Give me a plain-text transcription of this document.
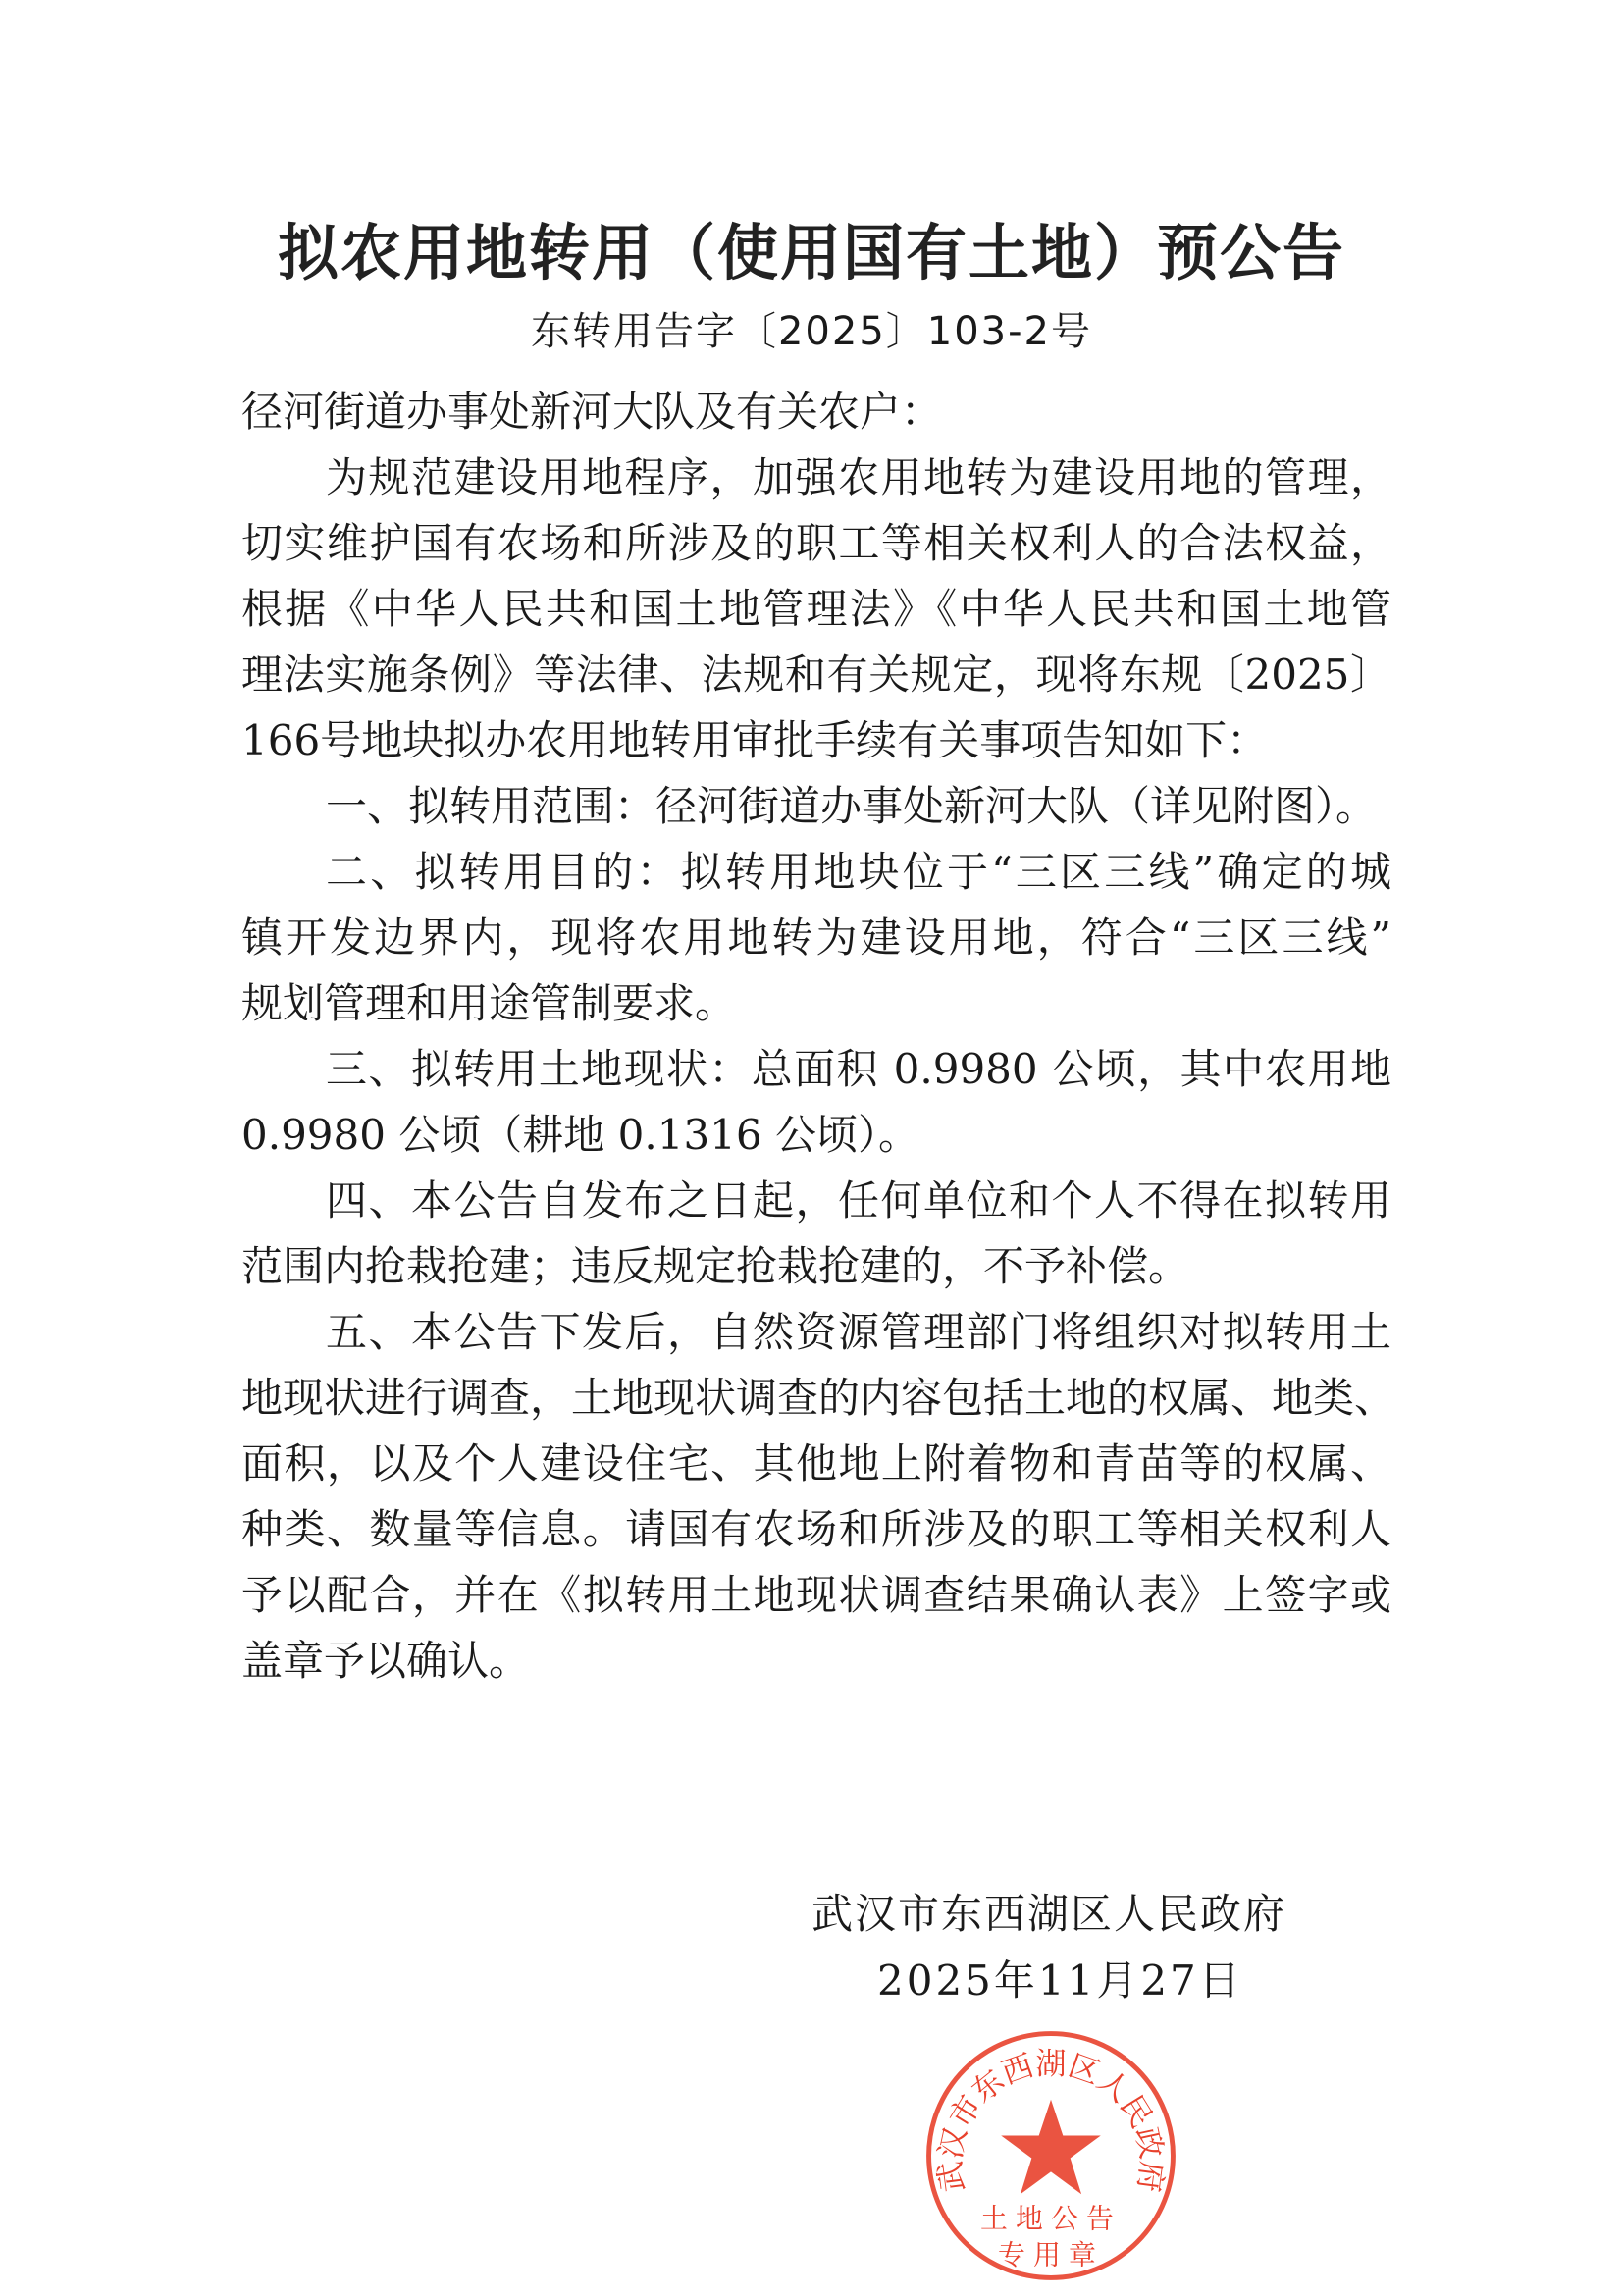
拟农用地转用（使用国有土地）预公告
东转用告字〔2025〕103-2号
径河街道办事处新河大队及有关农户：
为规范建设用地程序，加强农用地转为建设用地的管理，
切实维护国有农场和所涉及的职工等相关权利人的合法权益，
根据《中华人民共和国土地管理法》《中华人民共和国土地管
理法实施条例》等法律、法规和有关规定，现将东规〔2025〕
166号地块拟办农用地转用审批手续有关事项告知如下：
一、拟转用范围：径河街道办事处新河大队（详见附图）。
二、拟转用目的：拟转用地块位于“三区三线”确定的城
镇开发边界内，现将农用地转为建设用地，符合“三区三线”
规划管理和用途管制要求。
三、拟转用土地现状：总面积 0.9980 公顷，其中农用地
0.9980 公顷（耕地 0.1316 公顷）。
四、本公告自发布之日起，任何单位和个人不得在拟转用
范围内抢栽抢建；违反规定抢栽抢建的，不予补偿。
五、本公告下发后，自然资源管理部门将组织对拟转用土
地现状进行调查，土地现状调查的内容包括土地的权属、地类、
面积，以及个人建设住宅、其他地上附着物和青苗等的权属、
种类、数量等信息。请国有农场和所涉及的职工等相关权利人
予以配合，并在《拟转用土地现状调查结果确认表》上签字或
盖章予以确认。
武汉市东西湖区人民政府
土地公告
专用章
武汉市东西湖区人民政府
2025年11月27日
